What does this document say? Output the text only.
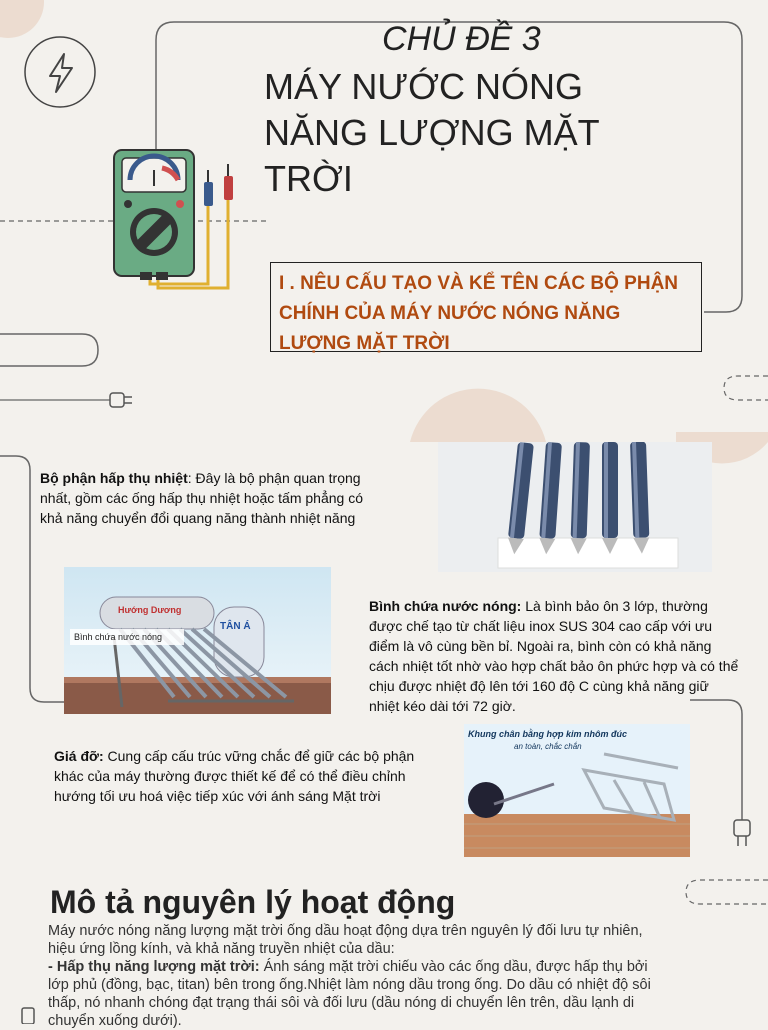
CHỦ ĐỀ 3
MÁY NƯỚC NÓNG NĂNG LƯỢNG MẶT TRỜI
I . NÊU CẤU TẠO VÀ KỂ TÊN CÁC BỘ PHẬN CHÍNH CỦA MÁY NƯỚC NÓNG NĂNG LƯỢNG MẶT TRỜI
Bộ phận hấp thụ nhiệt: Đây là bộ phận quan trọng nhất, gồm các ống hấp thụ nhiệt hoặc tấm phẳng có khả năng chuyển đổi quang năng thành nhiệt năng
Hướng Dương
TÂN Á
Bình chứa nước nóng
Bình chứa nước nóng: Là bình bảo ôn 3 lớp, thường được chế tạo từ chất liệu inox SUS 304 cao cấp với ưu điểm là vô cùng bền bỉ. Ngoài ra, bình còn có khả năng cách nhiệt tốt nhờ vào hợp chất bảo ôn phức hợp và có thể chịu được nhiệt độ lên tới 160 độ C cùng khả năng giữ nhiệt kéo dài tới 72 giờ.
Giá đỡ: Cung cấp cấu trúc vững chắc để giữ các bộ phận khác của máy thường được thiết kế để có thể điều chỉnh hướng tối ưu hoá việc tiếp xúc với ánh sáng Mặt trời
Khung chân bằng hợp kim nhôm đúc
an toàn, chắc chắn
Mô tả nguyên lý hoạt động
Máy nước nóng năng lượng mặt trời ống dầu hoạt động dựa trên nguyên lý đối lưu tự nhiên, hiệu ứng lồng kính, và khả năng truyền nhiệt của dầu:
- Hấp thụ năng lượng mặt trời: Ánh sáng mặt trời chiếu vào các ống dầu, được hấp thụ bởi lớp phủ (đồng, bạc, titan) bên trong ống.Nhiệt làm nóng dầu trong ống. Do dầu có nhiệt độ sôi thấp, nó nhanh chóng đạt trạng thái sôi và đối lưu (dầu nóng di chuyển lên trên, dầu lạnh di chuyển xuống dưới).
